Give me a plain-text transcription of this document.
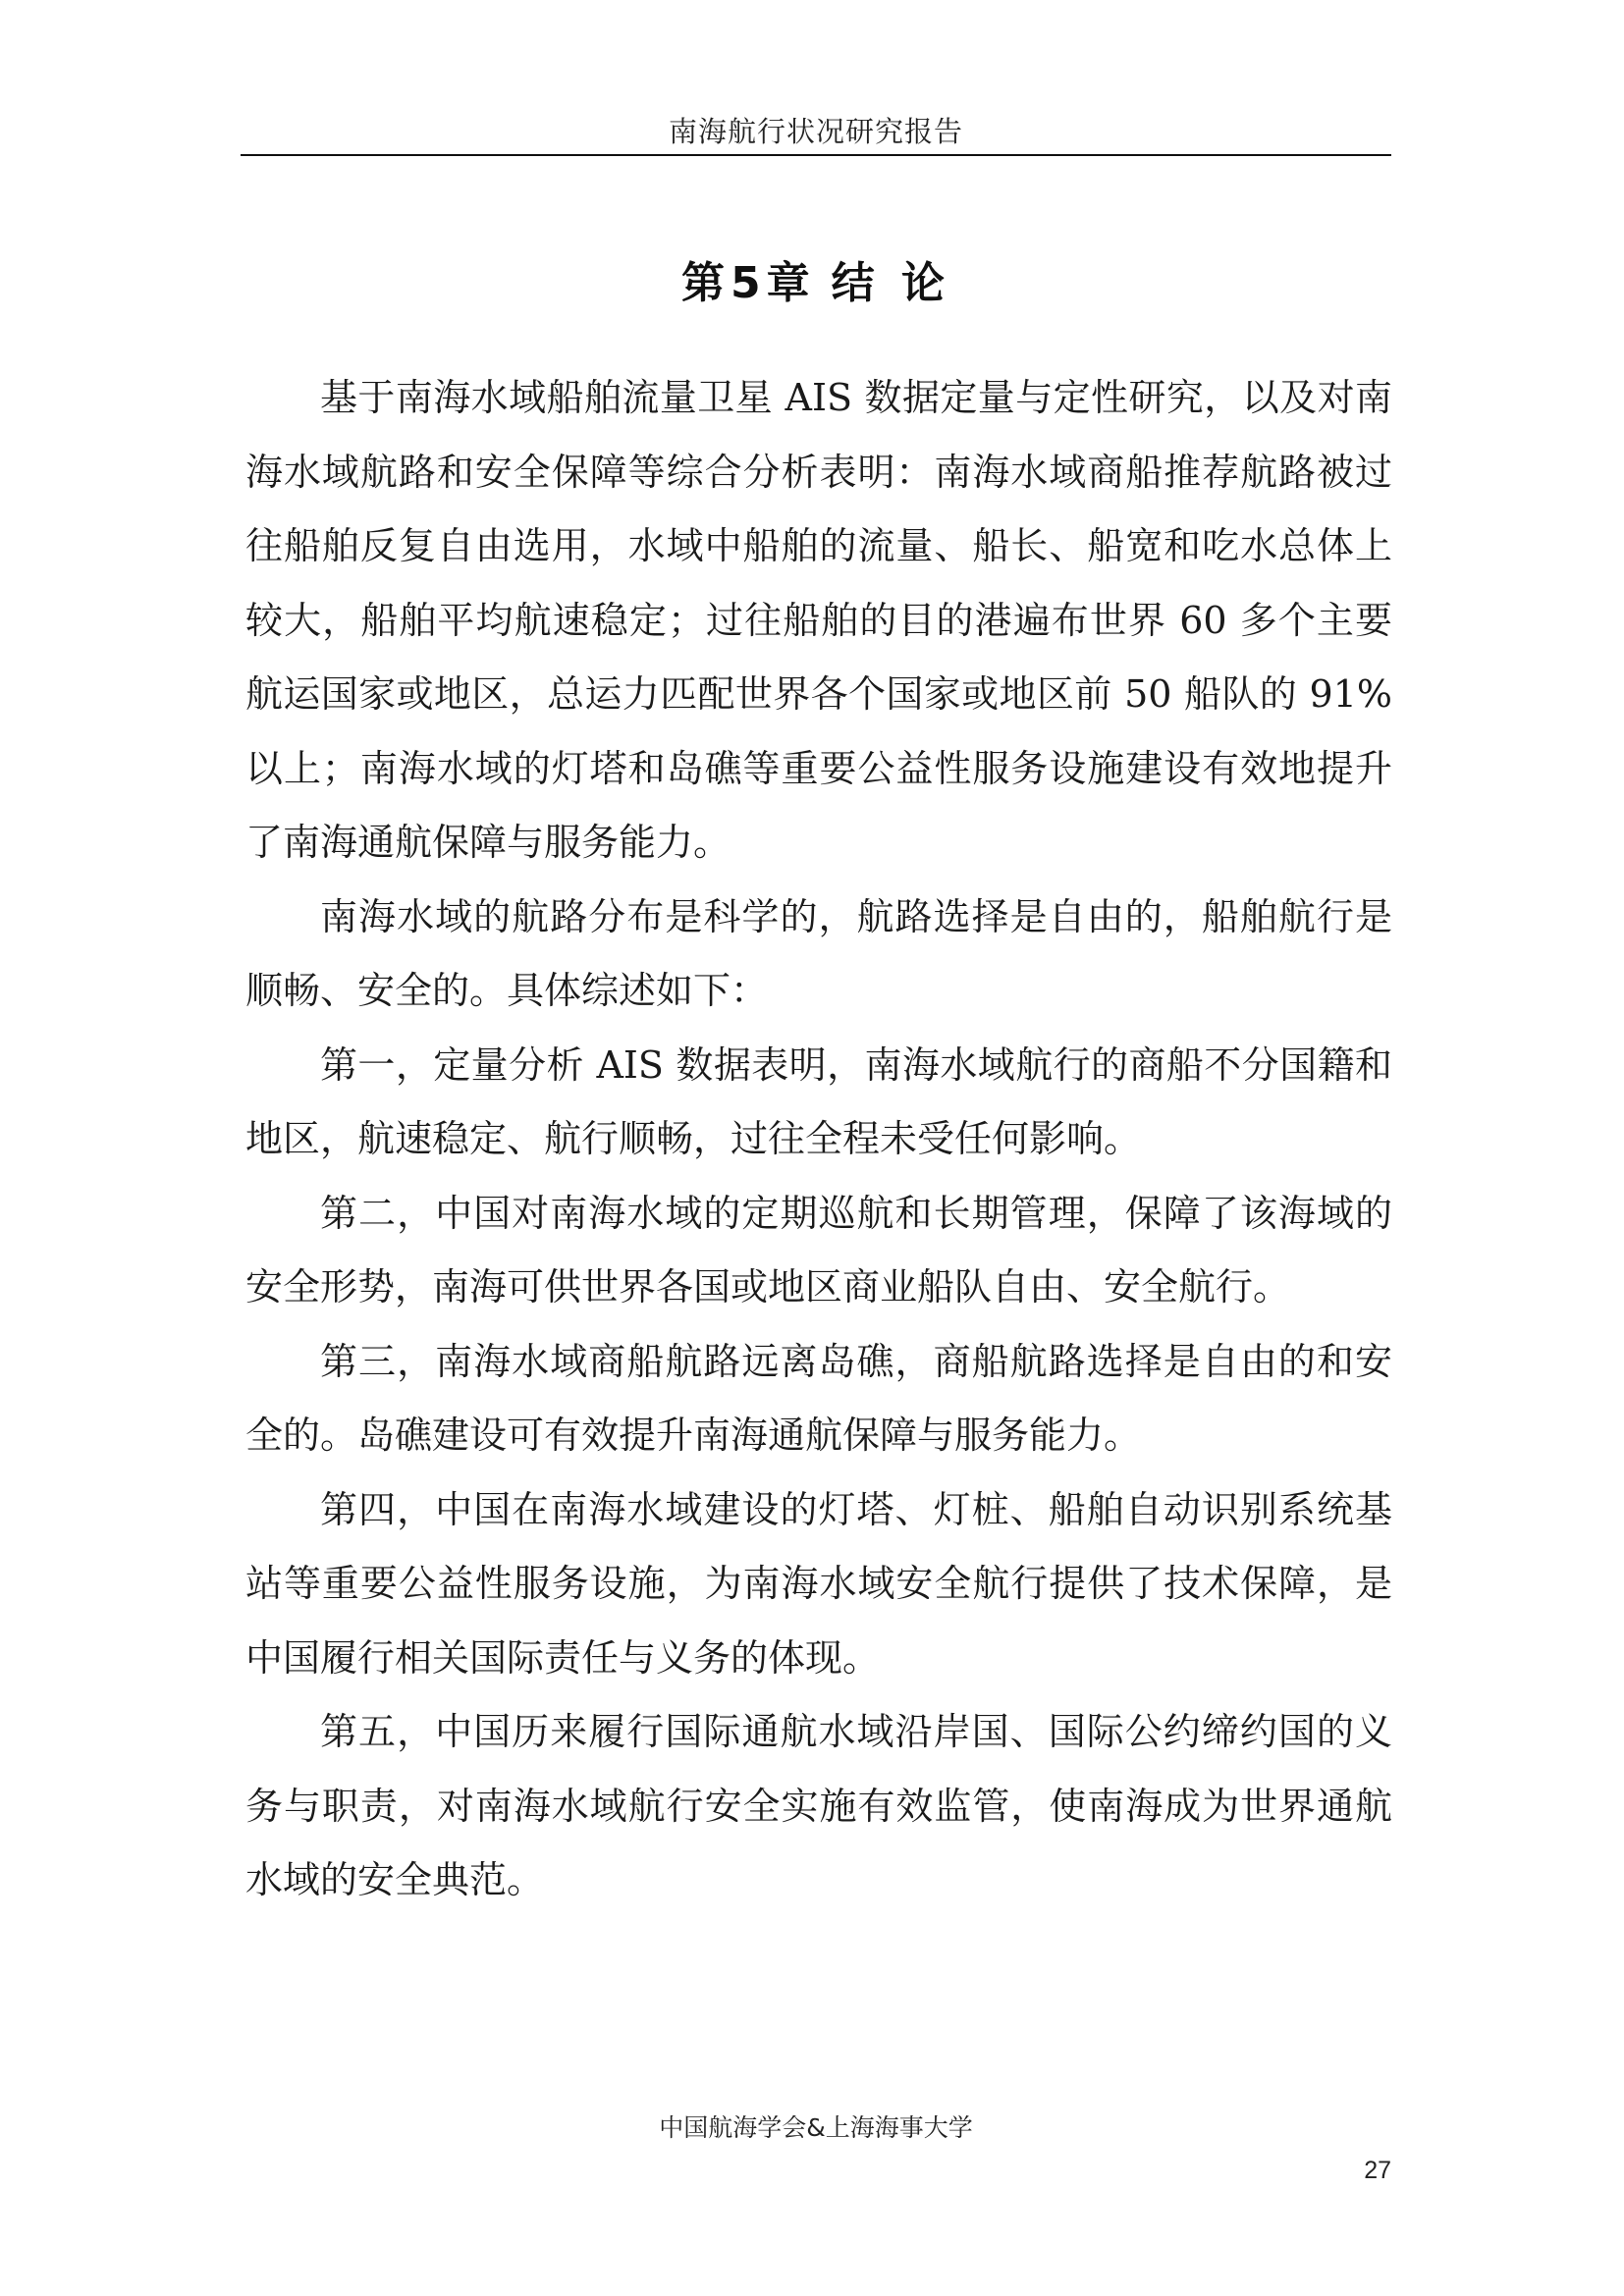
南海航行状况研究报告
第5章 结 论

基于南海水域船舶流量卫星 AIS 数据定量与定性研究，以及对南海水域航路和安全保障等综合分析表明：南海水域商船推荐航路被过往船舶反复自由选用，水域中船舶的流量、船长、船宽和吃水总体上较大，船舶平均航速稳定；过往船舶的目的港遍布世界 60 多个主要航运国家或地区，总运力匹配世界各个国家或地区前 50 船队的 91%以上；南海水域的灯塔和岛礁等重要公益性服务设施建设有效地提升了南海通航保障与服务能力。

南海水域的航路分布是科学的，航路选择是自由的，船舶航行是顺畅、安全的。具体综述如下：

第一，定量分析 AIS 数据表明，南海水域航行的商船不分国籍和地区，航速稳定、航行顺畅，过往全程未受任何影响。

第二，中国对南海水域的定期巡航和长期管理，保障了该海域的安全形势，南海可供世界各国或地区商业船队自由、安全航行。

第三，南海水域商船航路远离岛礁，商船航路选择是自由的和安全的。岛礁建设可有效提升南海通航保障与服务能力。

第四，中国在南海水域建设的灯塔、灯桩、船舶自动识别系统基站等重要公益性服务设施，为南海水域安全航行提供了技术保障，是中国履行相关国际责任与义务的体现。

第五，中国历来履行国际通航水域沿岸国、国际公约缔约国的义务与职责，对南海水域航行安全实施有效监管，使南海成为世界通航水域的安全典范。

中国航海学会&上海海事大学
27
